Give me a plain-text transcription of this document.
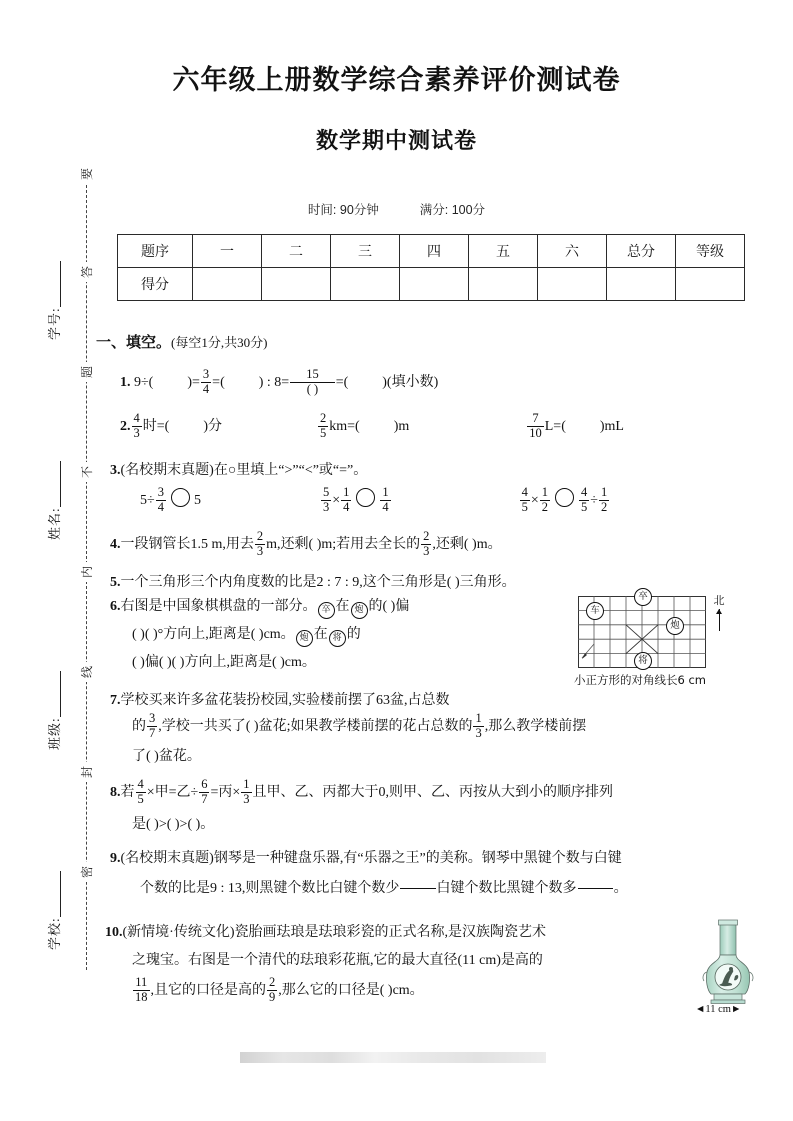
要
答
题
不
内
线
封
密
学号:
姓名:
班级:
学校:
六年级上册数学综合素养评价测试卷
数学期中测试卷
时间: 90分钟	满分: 100分
题序	一	二	三	四	五	六	总分	等级
得分								
一、填空。(每空1分,共30分)
1. 9÷( )= $\frac{3}{4}$ =( ) : 8=
15
( )	=( )(填小数)
2. $\frac{4}{3}$ 时=( )分	$\frac{2}{5} km=$( )m	$\frac{7}{10} L=$( )mL
3.(名校期末真题)在○里填上“>”“<”或“=”。
$5\div \frac{3}{4} 5$	$\frac{5}{3} \times \frac{1}{4} \frac{1}{4}$
	$\frac{4}{5} \times \frac{1}{2} \frac{4}{5} \div \frac{1}{2}$
4.一段钢管长1.5 m,用去 $\frac{2}{3} m$,还剩( )m;若用去全长的 $\frac{2}{3}$ ,还剩( )m。
5.一个三角形三个内角度数的比是2 : 7 : 9,这个三角形是( )三角形。
6.右图是中国象棋棋盘的一部分。 卒 在 炮 的( )偏
( )( )°方向上,距离是( )cm。 炮 在 将 的
( )偏( )( )方向上,距离是( )cm。
卒
车
炮
将
北
小正方形的对角线长6 cm
7.学校买来许多盆花装扮校园,实验楼前摆了63盆,占总数
的 $\frac{3}{7}$ ,学校一共买了( )盆花;如果教学楼前摆的花占总数的 $\frac{1}{3}$ ,那么教学楼前摆
了( )盆花。
8.若 $\frac{4}{5}$ ×甲=乙÷ $\frac{6}{7}$ =丙× $\frac{1}{3}$ 且甲、乙、丙都大于0,则甲、乙、丙按从大到小的顺序排列
是( )>( )>( )。
9.(名校期末真题)钢琴是一种键盘乐器,有“乐器之王”的美称。钢琴中黑键个数与白键
个数的比是9 : 13,则黑键个数比白键个数少

	白键个数比黑键个数多

	。
10.(新情境·传统文化)瓷胎画珐琅是珐琅彩瓷的正式名称,是汉族陶瓷艺术
之瑰宝。右图是一个清代的珐琅彩花瓶,它的最大直径(11 cm)是高的
$\frac{11}{18}$ ,且它的口径是高的 $\frac{2}{9}$ ,那么它的口径是( )cm。
◄11 cm►
